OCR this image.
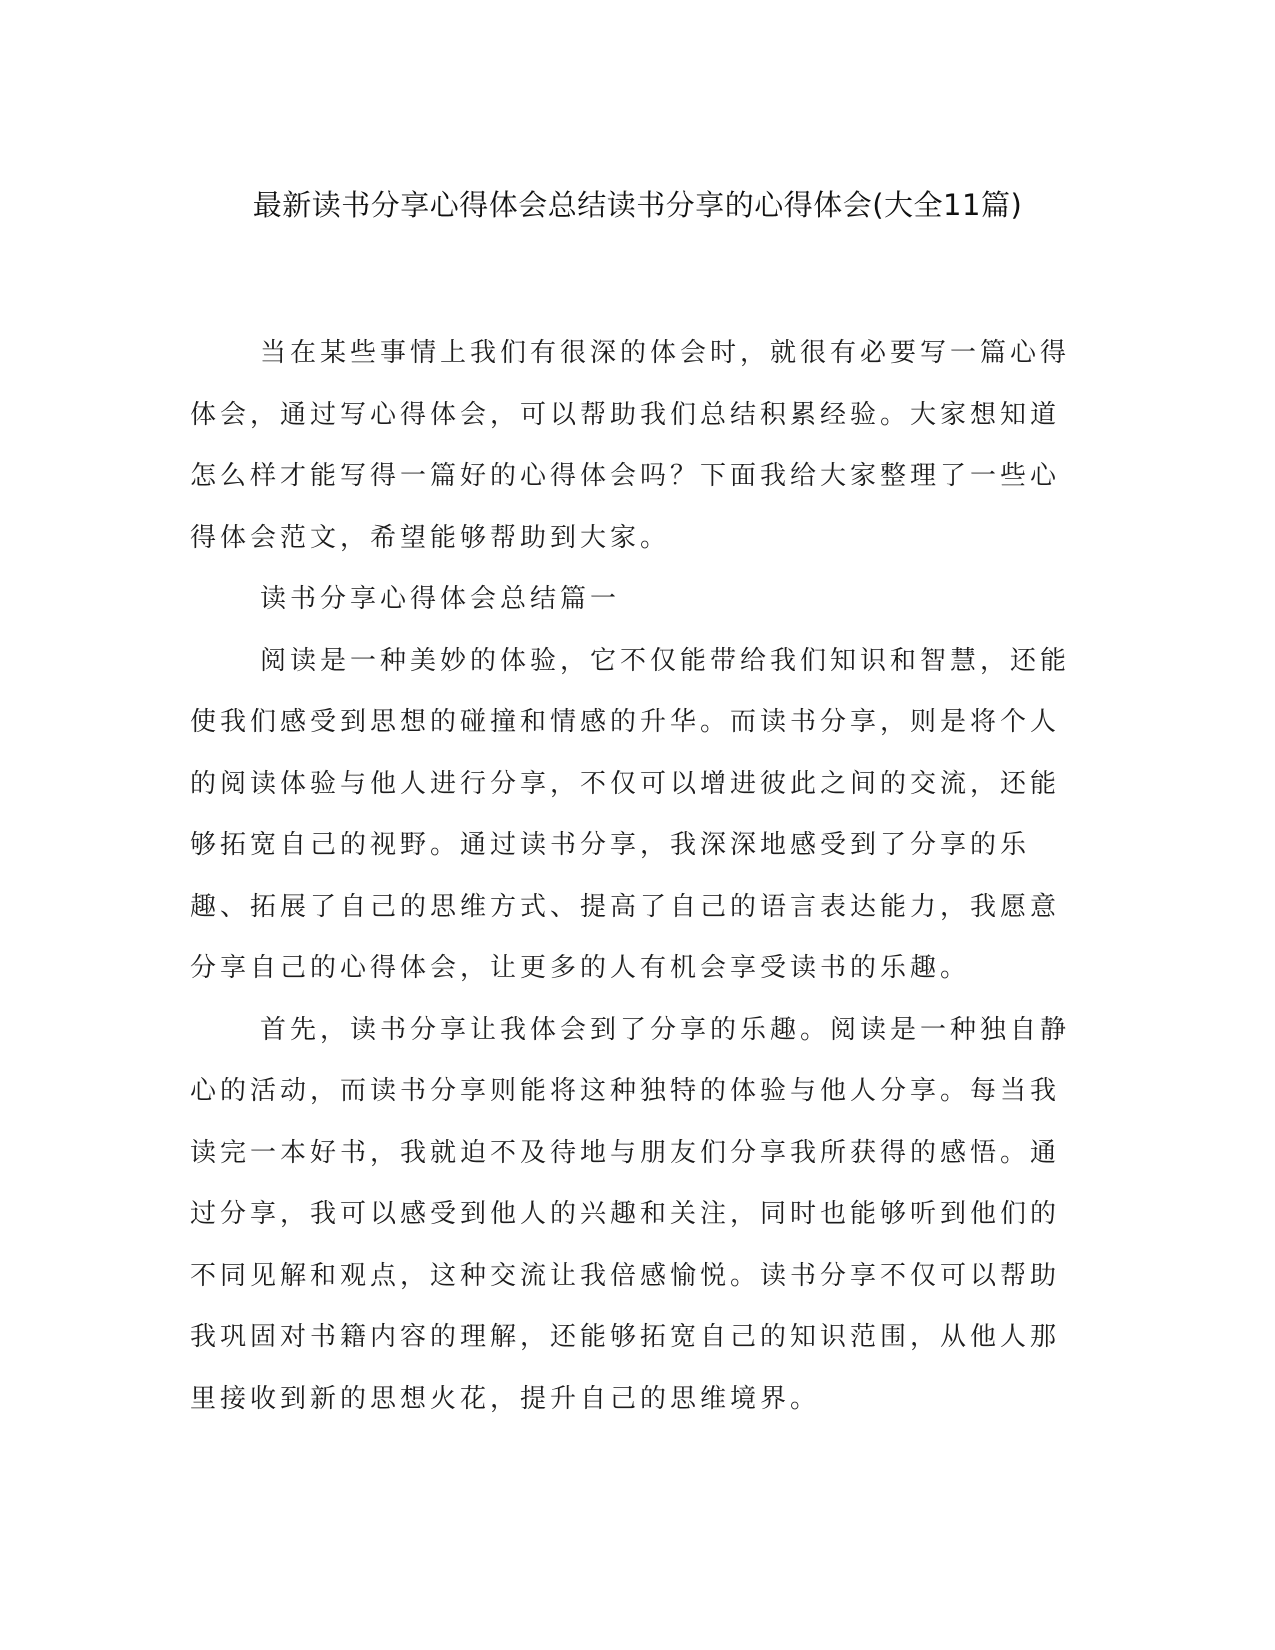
最新读书分享心得体会总结读书分享的心得体会(大全11篇)

当在某些事情上我们有很深的体会时，就很有必要写一篇心得体会，通过写心得体会，可以帮助我们总结积累经验。大家想知道怎么样才能写得一篇好的心得体会吗？下面我给大家整理了一些心得体会范文，希望能够帮助到大家。

读书分享心得体会总结篇一

阅读是一种美妙的体验，它不仅能带给我们知识和智慧，还能使我们感受到思想的碰撞和情感的升华。而读书分享，则是将个人的阅读体验与他人进行分享，不仅可以增进彼此之间的交流，还能够拓宽自己的视野。通过读书分享，我深深地感受到了分享的乐趣、拓展了自己的思维方式、提高了自己的语言表达能力，我愿意分享自己的心得体会，让更多的人有机会享受读书的乐趣。

首先，读书分享让我体会到了分享的乐趣。阅读是一种独自静心的活动，而读书分享则能将这种独特的体验与他人分享。每当我读完一本好书，我就迫不及待地与朋友们分享我所获得的感悟。通过分享，我可以感受到他人的兴趣和关注，同时也能够听到他们的不同见解和观点，这种交流让我倍感愉悦。读书分享不仅可以帮助我巩固对书籍内容的理解，还能够拓宽自己的知识范围，从他人那里接收到新的思想火花，提升自己的思维境界。
